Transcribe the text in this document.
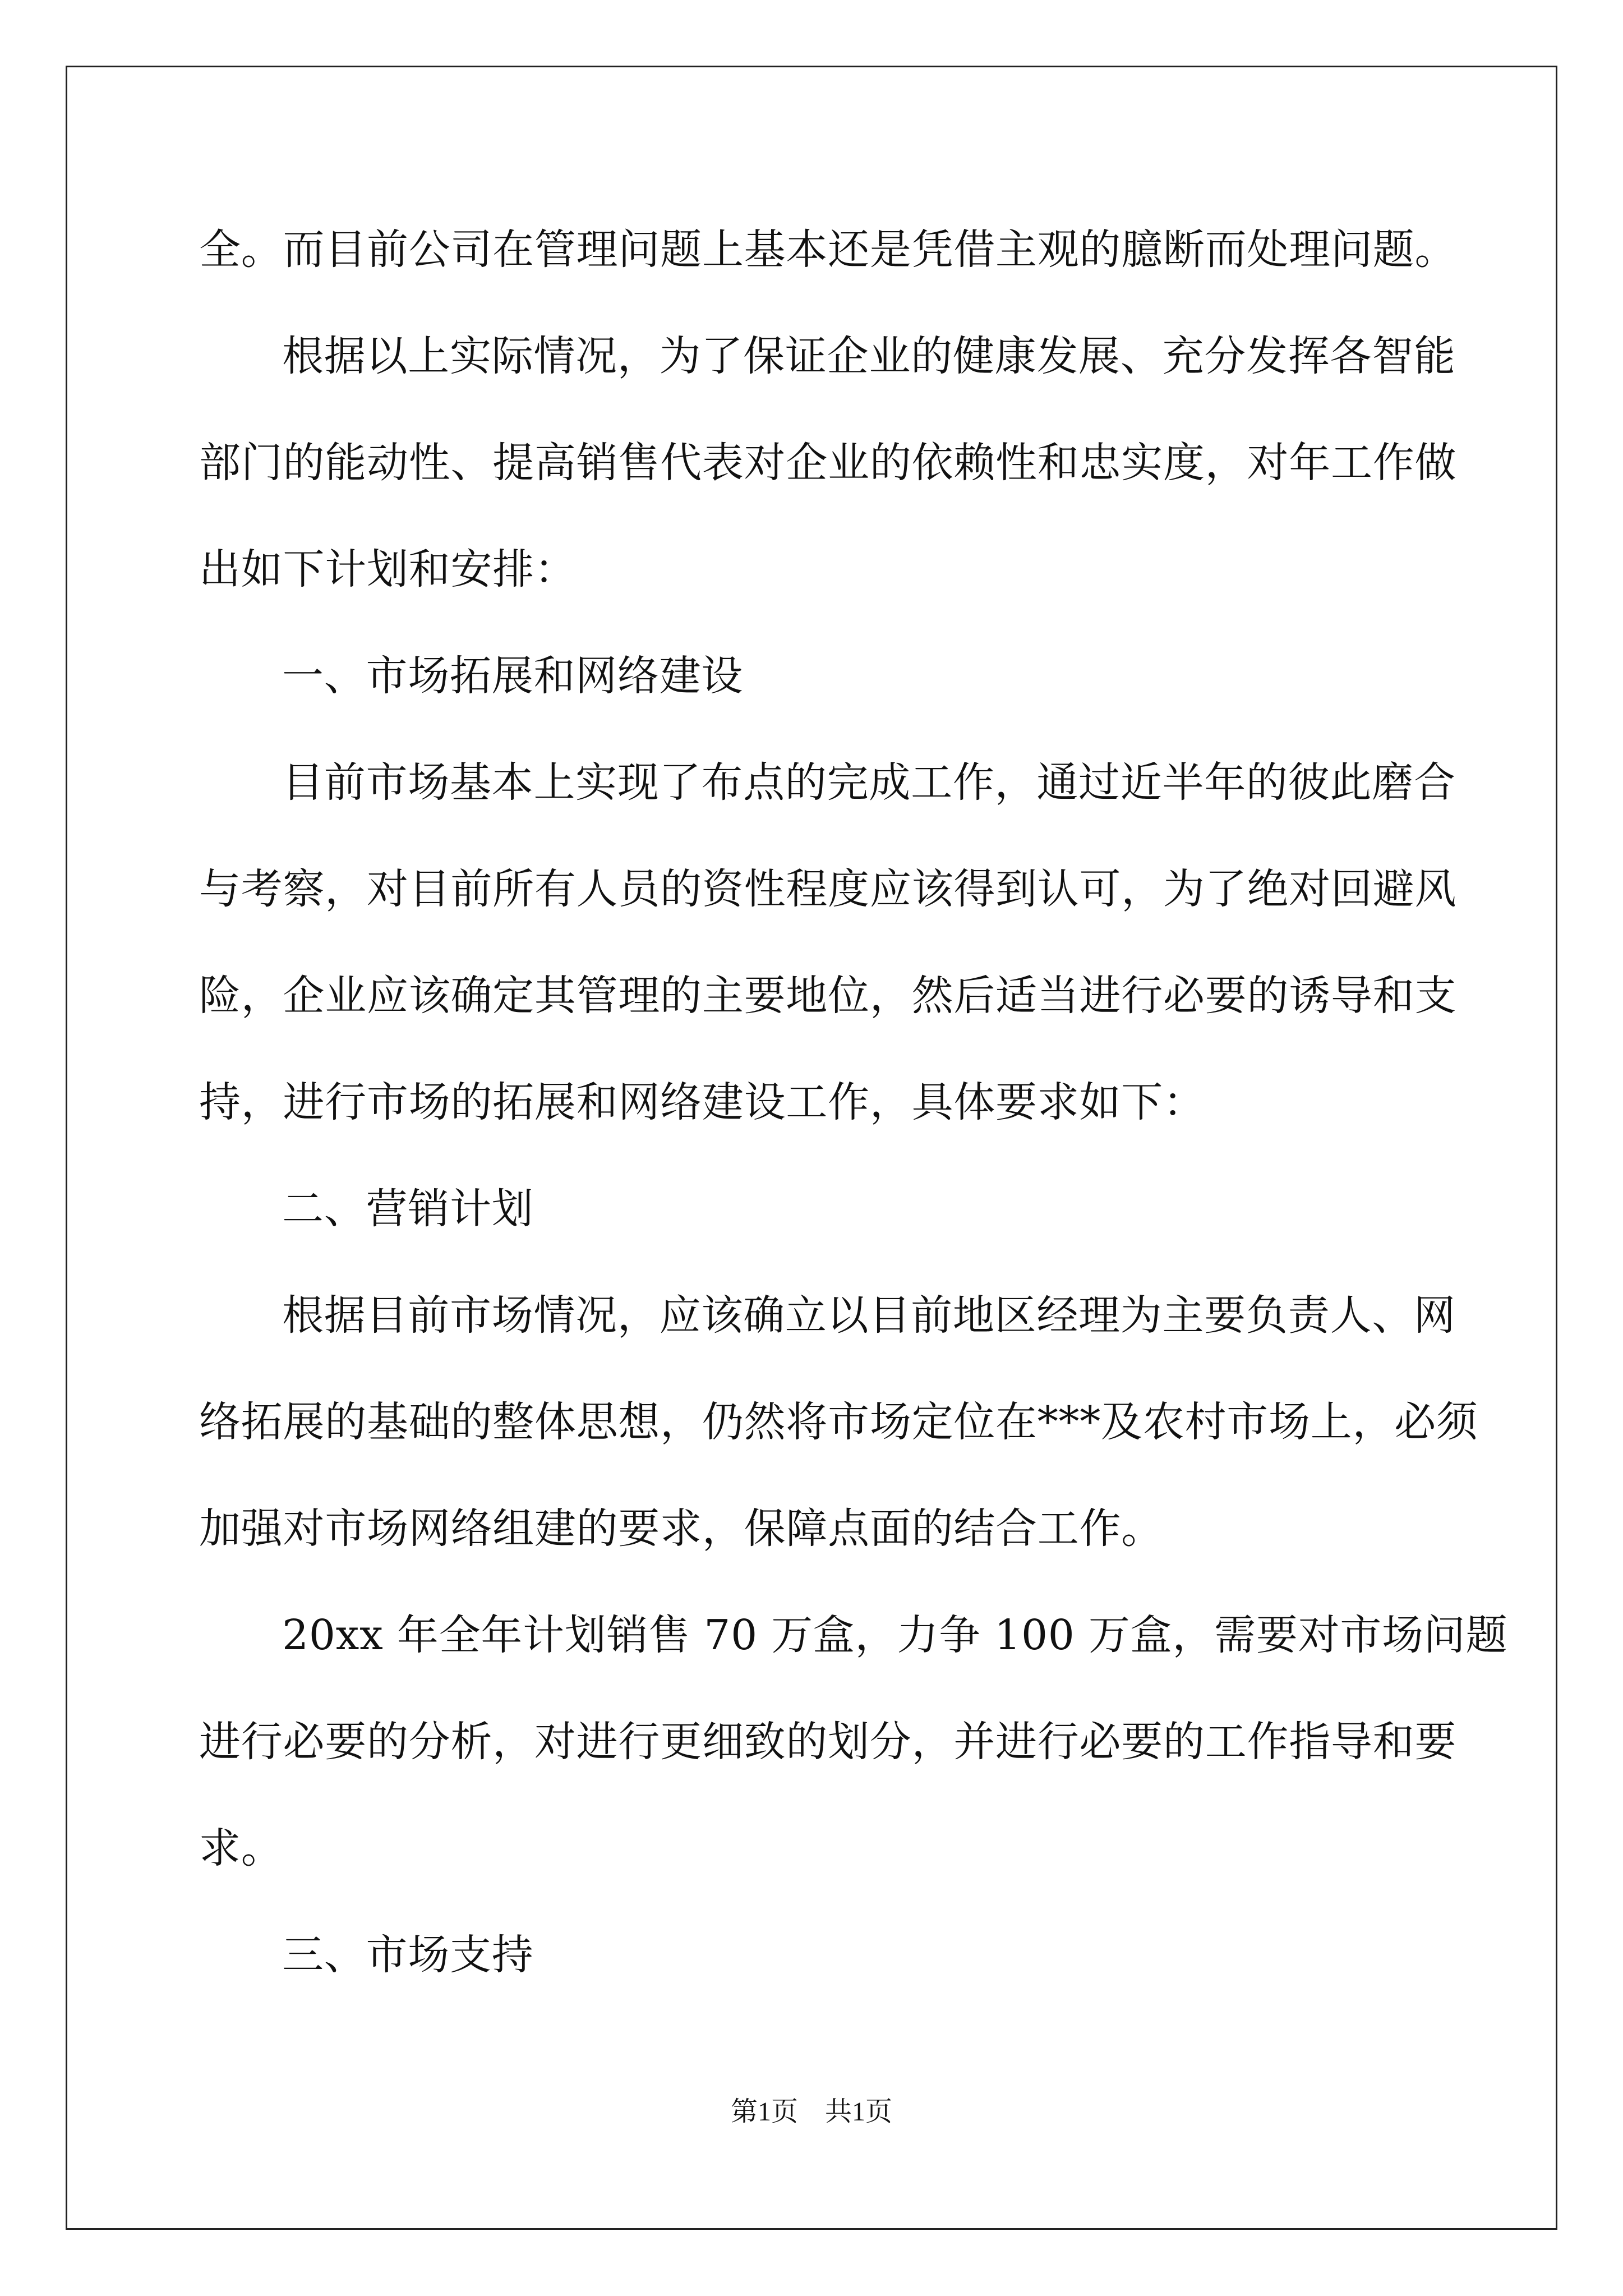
全。而目前公司在管理问题上基本还是凭借主观的臆断而处理问题。
根据以上实际情况，为了保证企业的健康发展、充分发挥各智能
部门的能动性、提高销售代表对企业的依赖性和忠实度，对年工作做
出如下计划和安排：
一、市场拓展和网络建设
目前市场基本上实现了布点的完成工作，通过近半年的彼此磨合
与考察，对目前所有人员的资性程度应该得到认可，为了绝对回避风
险，企业应该确定其管理的主要地位，然后适当进行必要的诱导和支
持，进行市场的拓展和网络建设工作，具体要求如下：
二、营销计划
根据目前市场情况，应该确立以目前地区经理为主要负责人、网
络拓展的基础的整体思想，仍然将市场定位在***及农村市场上，必须
加强对市场网络组建的要求，保障点面的结合工作。
20xx 年全年计划销售 70 万盒，力争 100 万盒，需要对市场问题
进行必要的分析，对进行更细致的划分，并进行必要的工作指导和要
求。
三、市场支持
第1页　共1页
